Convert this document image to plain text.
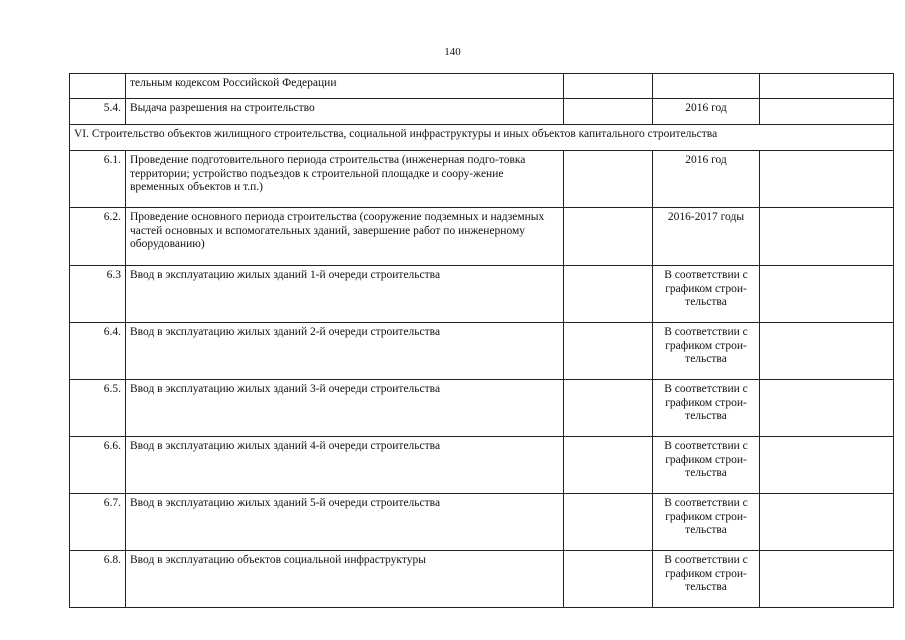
140
	тельным кодексом Российской Федерации			
5.4.	Выдача разрешения на строительство		2016 год	
VI. Строительство объектов жилищного строительства, социальной инфраструктуры и иных объектов капитального строительства				
6.1.	Проведение подготовительного периода строительства (инженерная подго-товка территории; устройство подъездов к строительной площадке и соору-жение временных объектов и т.п.)		2016 год	
6.2.	Проведение основного периода строительства (сооружение подземных и надземных частей основных и вспомогательных зданий, завершение работ по инженерному оборудованию)		2016-2017 годы	
6.3	Ввод в эксплуатацию жилых зданий 1-й очереди строительства		В соответствии с графиком строи-тельства	
6.4.	Ввод в эксплуатацию жилых зданий 2-й очереди строительства		В соответствии с графиком строи-тельства	
6.5.	Ввод в эксплуатацию жилых зданий 3-й очереди строительства		В соответствии с графиком строи-тельства	
6.6.	Ввод в эксплуатацию жилых зданий 4-й очереди строительства		В соответствии с графиком строи-тельства	
6.7.	Ввод в эксплуатацию жилых зданий 5-й очереди строительства		В соответствии с графиком строи-тельства	
6.8.	Ввод в эксплуатацию объектов социальной инфраструктуры		В соответствии с графиком строи-тельства	
